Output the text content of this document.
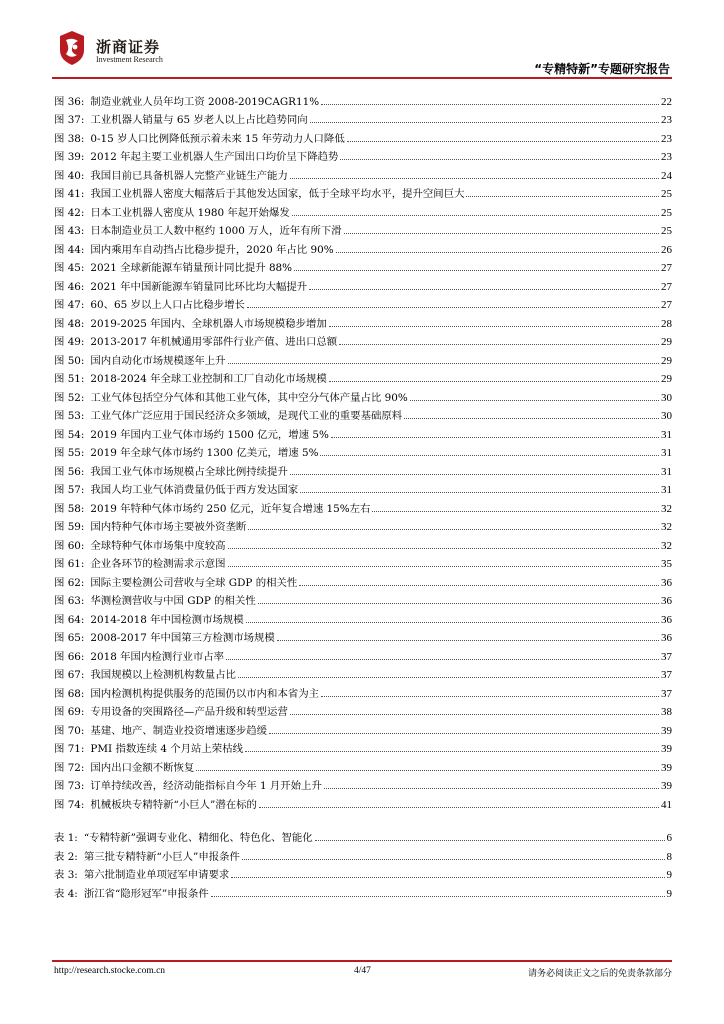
浙商证券
Investment Research
“专精特新”专题研究报告
图 36: 制造业就业人员年均工资 2008-2019CAGR11%	22
图 37: 工业机器人销量与 65 岁老人以上占比趋势同向	23
图 38: 0-15 岁人口比例降低预示着未来 15 年劳动力人口降低	23
图 39: 2012 年起主要工业机器人生产国出口均价呈下降趋势	23
图 40: 我国目前已具备机器人完整产业链生产能力	24
图 41: 我国工业机器人密度大幅落后于其他发达国家，低于全球平均水平，提升空间巨大	25
图 42: 日本工业机器人密度从 1980 年起开始爆发	25
图 43: 日本制造业员工人数中枢约 1000 万人，近年有所下滑	25
图 44: 国内乘用车自动挡占比稳步提升，2020 年占比 90%	26
图 45: 2021 全球新能源车销量预计同比提升 88%	27
图 46: 2021 年中国新能源车销量同比环比均大幅提升	27
图 47: 60、65 岁以上人口占比稳步增长	27
图 48: 2019-2025 年国内、全球机器人市场规模稳步增加	28
图 49: 2013-2017 年机械通用零部件行业产值、进出口总额	29
图 50: 国内自动化市场规模逐年上升	29
图 51: 2018-2024 年全球工业控制和工厂自动化市场规模	29
图 52: 工业气体包括空分气体和其他工业气体，其中空分气体产量占比 90%	30
图 53: 工业气体广泛应用于国民经济众多领域，是现代工业的重要基础原料	30
图 54: 2019 年国内工业气体市场约 1500 亿元，增速 5%	31
图 55: 2019 年全球气体市场约 1300 亿美元，增速 5%	31
图 56: 我国工业气体市场规模占全球比例持续提升	31
图 57: 我国人均工业气体消费量仍低于西方发达国家	31
图 58: 2019 年特种气体市场约 250 亿元，近年复合增速 15%左右	32
图 59: 国内特种气体市场主要被外资垄断	32
图 60: 全球特种气体市场集中度较高	32
图 61: 企业各环节的检测需求示意图	35
图 62: 国际主要检测公司营收与全球 GDP 的相关性	36
图 63: 华测检测营收与中国 GDP 的相关性	36
图 64: 2014-2018 年中国检测市场规模	36
图 65: 2008-2017 年中国第三方检测市场规模	36
图 66: 2018 年国内检测行业市占率	37
图 67: 我国规模以上检测机构数量占比	37
图 68: 国内检测机构提供服务的范围仍以市内和本省为主	37
图 69: 专用设备的突围路径—产品升级和转型运营	38
图 70: 基建、地产、制造业投资增速逐步趋缓	39
图 71: PMI 指数连续 4 个月站上荣枯线	39
图 72: 国内出口金额不断恢复	39
图 73: 订单持续改善，经济动能指标自今年 1 月开始上升	39
图 74: 机械板块专精特新“小巨人”潜在标的	41
表 1: “专精特新”强调专业化、精细化、特色化、智能化	6
表 2: 第三批专精特新“小巨人”申报条件	8
表 3: 第六批制造业单项冠军申请要求	9
表 4: 浙江省“隐形冠军”申报条件	9
http://research.stocke.com.cn	4/47	请务必阅读正文之后的免责条款部分
